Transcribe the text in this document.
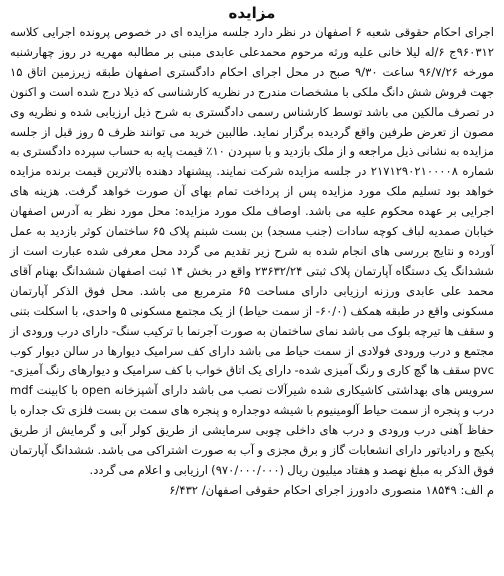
مزایده

اجرای احکام حقوقی شعبه ۶ اصفهان در نظر دارد جلسه مزایده ای در خصوص پرونده اجرایی کلاسه ۹۶۰۳۱۲ج ۶/له لیلا خانی علیه ورثه مرحوم محمدعلی عابدی مبنی بر مطالبه مهریه در روز چهارشنبه مورخه ۹۶/۷/۲۶ ساعت ۹/۳۰ صبح در محل اجرای احکام دادگستری اصفهان طبقه زیرزمین اتاق ۱۵ جهت فروش شش دانگ ملکی با مشخصات مندرج در نظریه کارشناسی که ذیلا درج شده است و اکنون در تصرف مالکین می باشد توسط کارشناس رسمی دادگستری به شرح ذیل ارزیابی شده و نظریه وی مصون از تعرض طرفین واقع گردیده برگزار نماید. طالبین خرید می توانند ظرف ۵ روز قبل از جلسه مزایده به نشانی ذیل مراجعه و از ملک بازدید و با سپردن ۱۰٪ قیمت پایه به حساب سپرده دادگستری به شماره ۲۱۷۱۲۹۰۲۱۰۰۰۰۸ در جلسه مزایده شرکت نمایند. پیشنهاد دهنده بالاترین قیمت برنده مزایده خواهد بود تسلیم ملک مورد مزایده پس از پرداخت تمام بهای آن صورت خواهد گرفت. هزینه های اجرایی بر عهده محکوم علیه می باشد. اوصاف ملک مورد مزایده: محل مورد نظر به آدرس اصفهان خیابان صمدیه لباف کوچه سادات (جنب مسجد) بن بست شبنم پلاک ۶۵ ساختمان کوثر بازدید به عمل آورده و نتایج بررسی های انجام شده به شرح زیر تقدیم می گردد محل معرفی شده عبارت است از ششدانگ یک دستگاه آپارتمان پلاک ثبتی ۲۳۶۳۲/۲۴ واقع در بخش ۱۴ ثبت اصفهان ششدانگ بهنام آقای محمد علی عابدی ورزنه ارزیابی دارای مساحت ۶۵ مترمربع می باشد. محل فوق الذکر آپارتمان مسکونی واقع در طبقه همکف (۶۰/۰- از سمت حیاط) از یک مجتمع مسکونی ۵ واحدی، با اسکلت بتنی و سقف ها تیرچه بلوک می باشد نمای ساختمان به صورت آجرنما با ترکیب سنگ- دارای درب ورودی از مجتمع و درب ورودی فولادی از سمت حیاط می باشد دارای کف سرامیک دیوارها در سالن دیوار کوب pvc سقف ها گچ کاری و رنگ آمیزی شده- دارای یک اتاق خواب با کف سرامیک و دیوارهای رنگ آمیزی- سرویس های بهداشتی کاشیکاری شده شیرآلات نصب می باشد دارای آشپزخانه open با کابینت mdf درب و پنجره از سمت حیاط آلومینیوم با شیشه دوجداره و پنجره های سمت بن بست فلزی تک جداره با حفاظ آهنی درب ورودی و درب های داخلی چوبی سرمایشی از طریق کولر آبی و گرمایش از طریق پکیج و رادیاتور دارای انشعابات گاز و برق مجزی و آب به صورت اشتراکی می باشد. ششدانگ آپارتمان فوق الذکر به مبلغ نهصد و هفتاد میلیون ریال (۹۷۰/۰۰۰/۰۰۰) ارزیابی و اعلام می گردد.

م الف: ۱۸۵۴۹ منصوری دادورز اجرای احکام حقوقی اصفهان/ ۶/۴۳۲
